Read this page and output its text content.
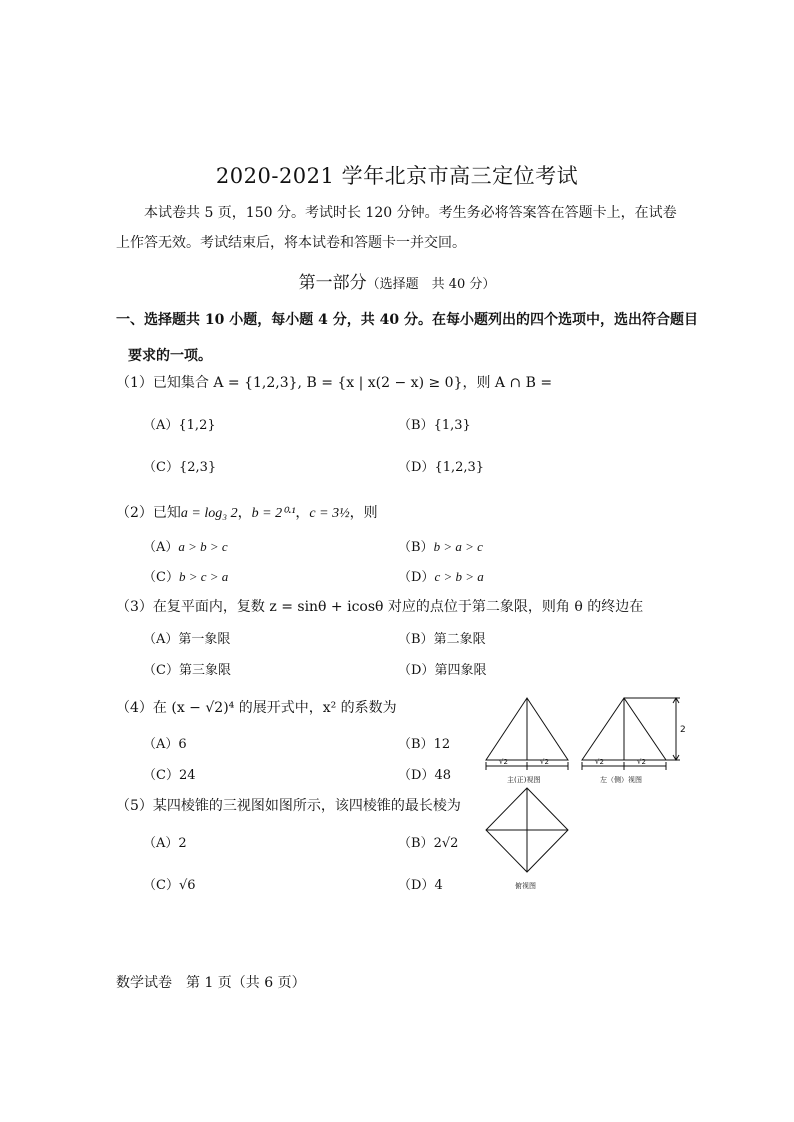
2020-2021 学年北京市高三定位考试
本试卷共 5 页，150 分。考试时长 120 分钟。考生务必将答案答在答题卡上，在试卷上作答无效。考试结束后，将本试卷和答题卡一并交回。
第一部分（选择题　共 40 分）
一、选择题共 10 小题，每小题 4 分，共 40 分。在每小题列出的四个选项中，选出符合题目要求的一项。
（1）已知集合 A = {1,2,3}, B = {x | x(2 − x) ≥ 0}，则 A ∩ B =
（A）{1,2}	（B）{1,3}
（C）{2,3}	（D）{1,2,3}
（2）已知a = log₃ 2，b = 2⁰·¹，c = 3½，则
（A）a > b > c	（B）b > a > c
（C）b > c > a	（D）c > b > a
（3）在复平面内，复数 z = sinθ + icosθ 对应的点位于第二象限，则角 θ 的终边在
（A）第一象限	（B）第二象限
（C）第三象限	（D）第四象限
（4）在 (x − √2)⁴ 的展开式中，x² 的系数为
（A）6	（B）12
（C）24	（D）48
（5）某四棱锥的三视图如图所示，该四棱锥的最长棱为
（A）2	（B）2√2
（C）√6	（D）4
√2	√2	√2	√2
主(正)视图	左（侧）视图
2
俯视图
数学试卷　第 1 页（共 6 页）
